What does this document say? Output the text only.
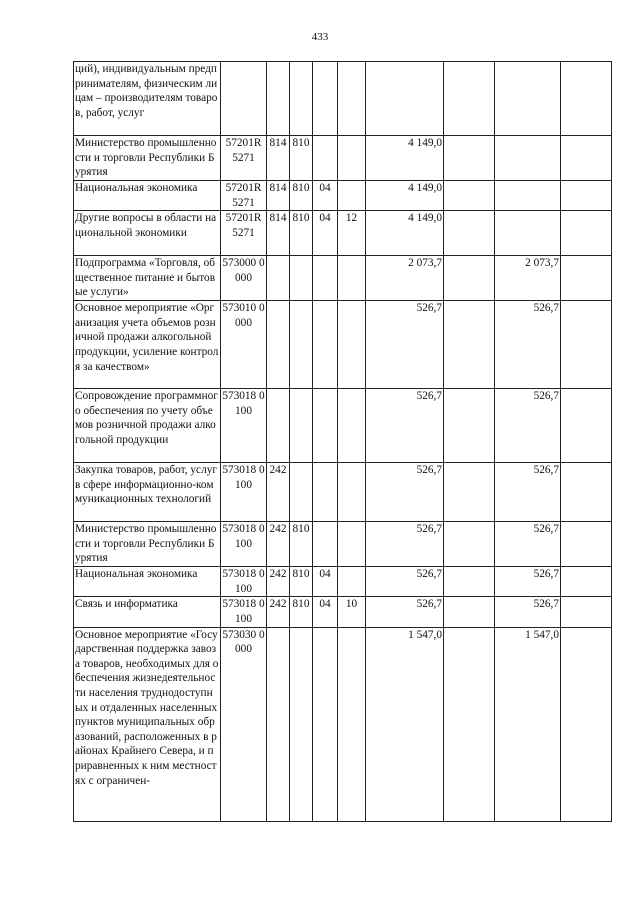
433
ций), индивидуальным предпринимателям, физическим лицам – производителям товаров, работ, услуг									
Министерство промышленности и торговли Республики Бурятия	57201R 5271	814	810			4 149,0			
Национальная экономика	57201R 5271	814	810	04		4 149,0			
Другие вопросы в области национальной экономики	57201R 5271	814	810	04	12	4 149,0			
Подпрограмма «Торговля, общественное питание и бытовые услуги»	573000 0000					2 073,7		2 073,7	
Основное мероприятие «Организация учета объемов розничной продажи алкогольной продукции, усиление контроля за качеством»	573010 0000					526,7		526,7	
Сопровождение программного обеспечения по учету объемов розничной продажи алкогольной продукции	573018 0100					526,7		526,7	
Закупка товаров, работ, услуг в сфере информационно-коммуникационных технологий	573018 0100	242				526,7		526,7	
Министерство промышленности и торговли Республики Бурятия	573018 0100	242	810			526,7		526,7	
Национальная экономика	573018 0100	242	810	04		526,7		526,7	
Связь и информатика	573018 0100	242	810	04	10	526,7		526,7	
Основное мероприятие «Государственная поддержка завоза товаров, необходимых для обеспечения жизнедеятельности населения труднодоступных и отдаленных населенных пунктов муниципальных образований, расположенных в районах Крайнего Севера, и приравненных к ним местностях с ограничен-	573030 0000					1 547,0		1 547,0	
